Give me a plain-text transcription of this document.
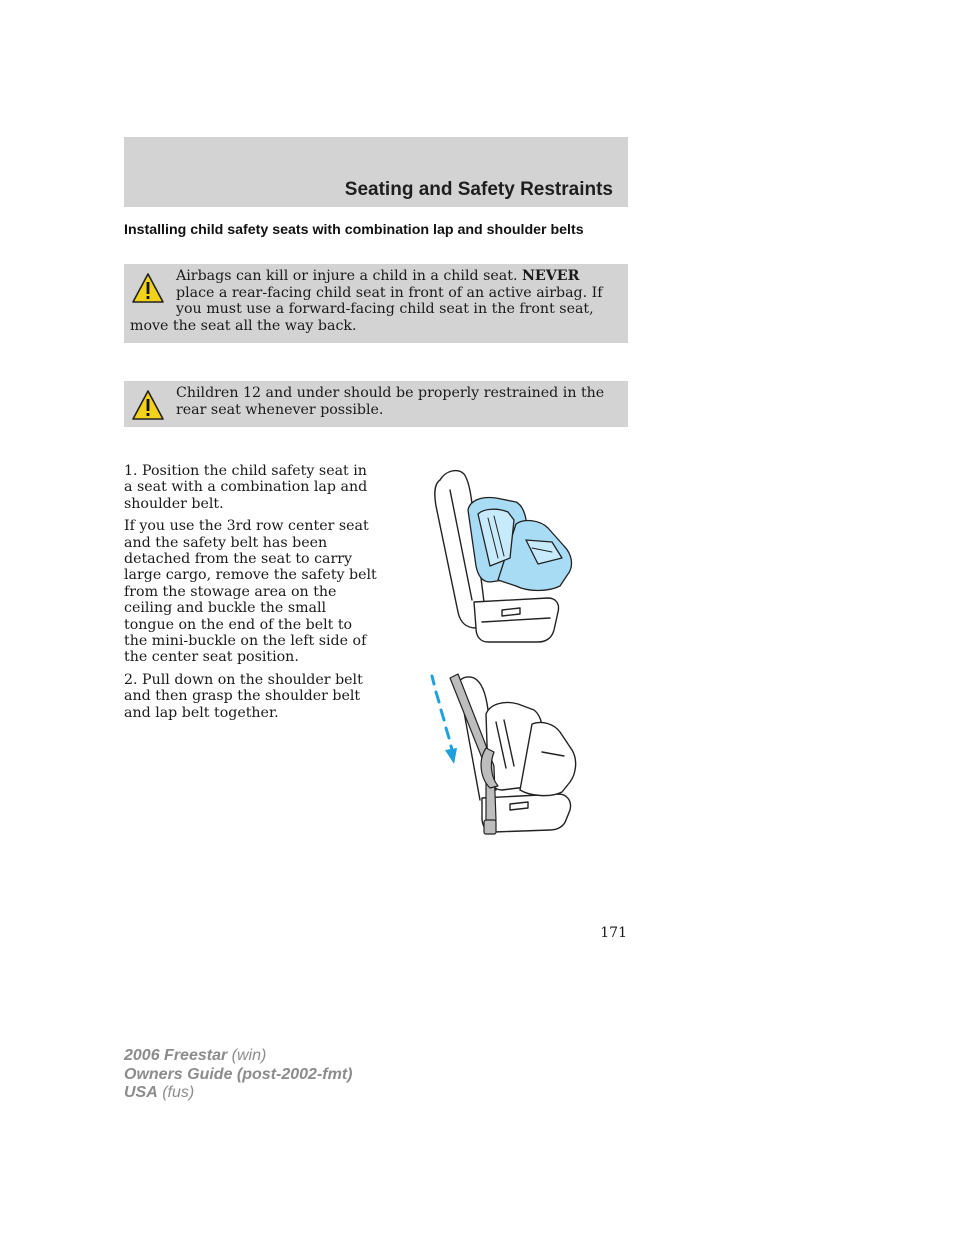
Seating and Safety Restraints
Installing child safety seats with combination lap and shoulder belts
Airbags can kill or injure a child in a child seat. NEVER place a rear-facing child seat in front of an active airbag. If you must use a forward-facing child seat in the front seat, move the seat all the way back.
Children 12 and under should be properly restrained in the rear seat whenever possible.

1. Position the child safety seat in a seat with a combination lap and shoulder belt.

If you use the 3rd row center seat and the safety belt has been detached from the seat to carry large cargo, remove the safety belt from the stowage area on the ceiling and buckle the small tongue on the end of the belt to the mini-buckle on the left side of the center seat position.

2. Pull down on the shoulder belt and then grasp the shoulder belt and lap belt together.

171
2006 Freestar (win)
Owners Guide (post-2002-fmt)
USA (fus)
